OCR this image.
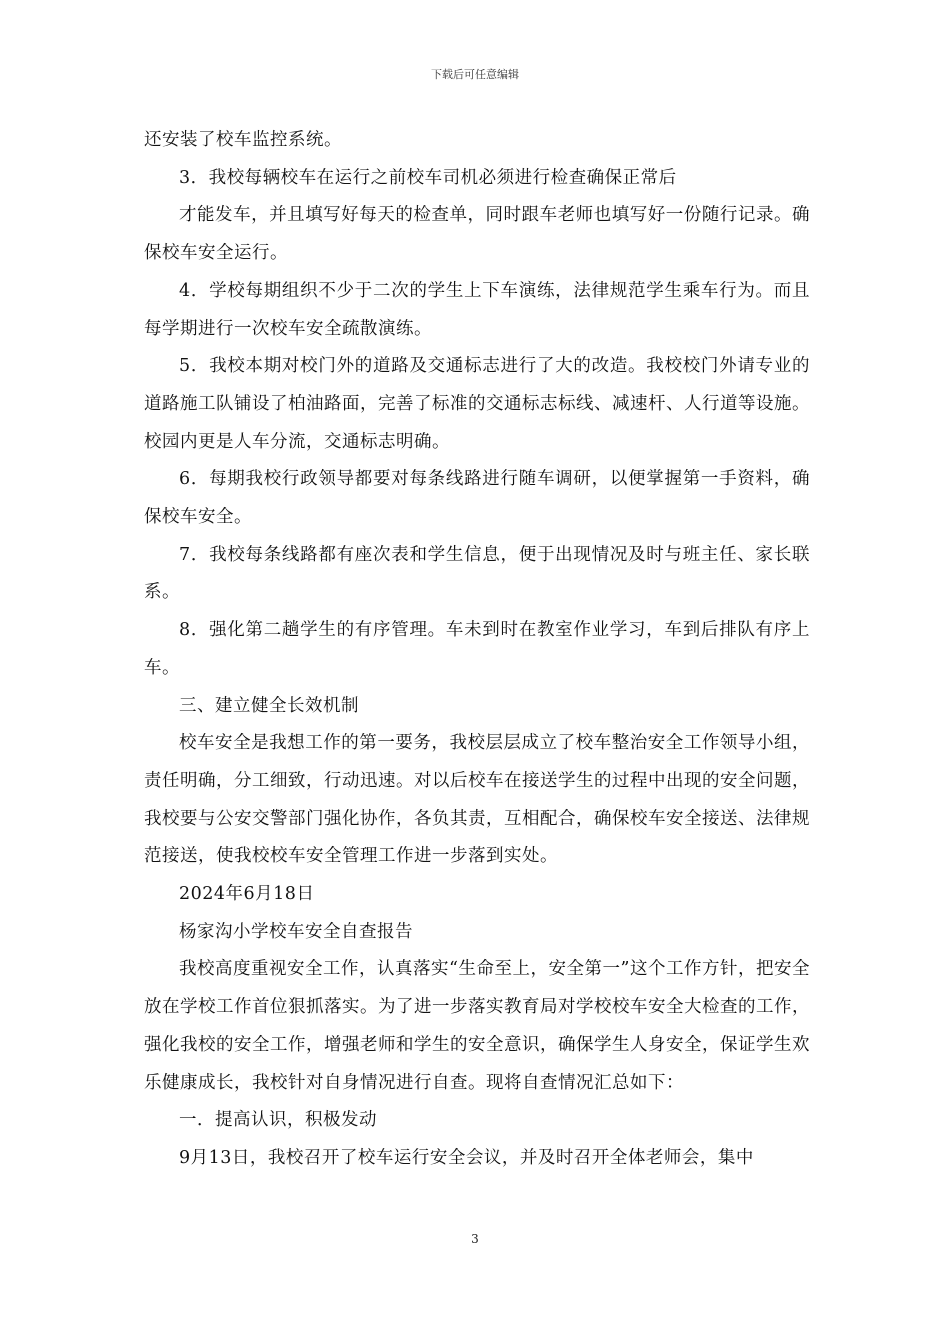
下载后可任意编辑

还安装了校车监控系统。

3．我校每辆校车在运行之前校车司机必须进行检查确保正常后

才能发车，并且填写好每天的检查单，同时跟车老师也填写好一份随行记录。确保校车安全运行。

4．学校每期组织不少于二次的学生上下车演练，法律规范学生乘车行为。而且每学期进行一次校车安全疏散演练。

5．我校本期对校门外的道路及交通标志进行了大的改造。我校校门外请专业的道路施工队铺设了柏油路面，完善了标准的交通标志标线、减速杆、人行道等设施。校园内更是人车分流，交通标志明确。

6．每期我校行政领导都要对每条线路进行随车调研，以便掌握第一手资料，确保校车安全。

7．我校每条线路都有座次表和学生信息，便于出现情况及时与班主任、家长联系。

8．强化第二趟学生的有序管理。车未到时在教室作业学习，车到后排队有序上车。

三、建立健全长效机制

校车安全是我想工作的第一要务，我校层层成立了校车整治安全工作领导小组，责任明确，分工细致，行动迅速。对以后校车在接送学生的过程中出现的安全问题，我校要与公安交警部门强化协作，各负其责，互相配合，确保校车安全接送、法律规范接送，使我校校车安全管理工作进一步落到实处。

2024年6月18日

杨家沟小学校车安全自查报告

我校高度重视安全工作，认真落实“生命至上，安全第一”这个工作方针，把安全放在学校工作首位狠抓落实。为了进一步落实教育局对学校校车安全大检查的工作，强化我校的安全工作，增强老师和学生的安全意识，确保学生人身安全，保证学生欢乐健康成长，我校针对自身情况进行自查。现将自查情况汇总如下：

一．提高认识，积极发动

9月13日，我校召开了校车运行安全会议，并及时召开全体老师会，集中

3
